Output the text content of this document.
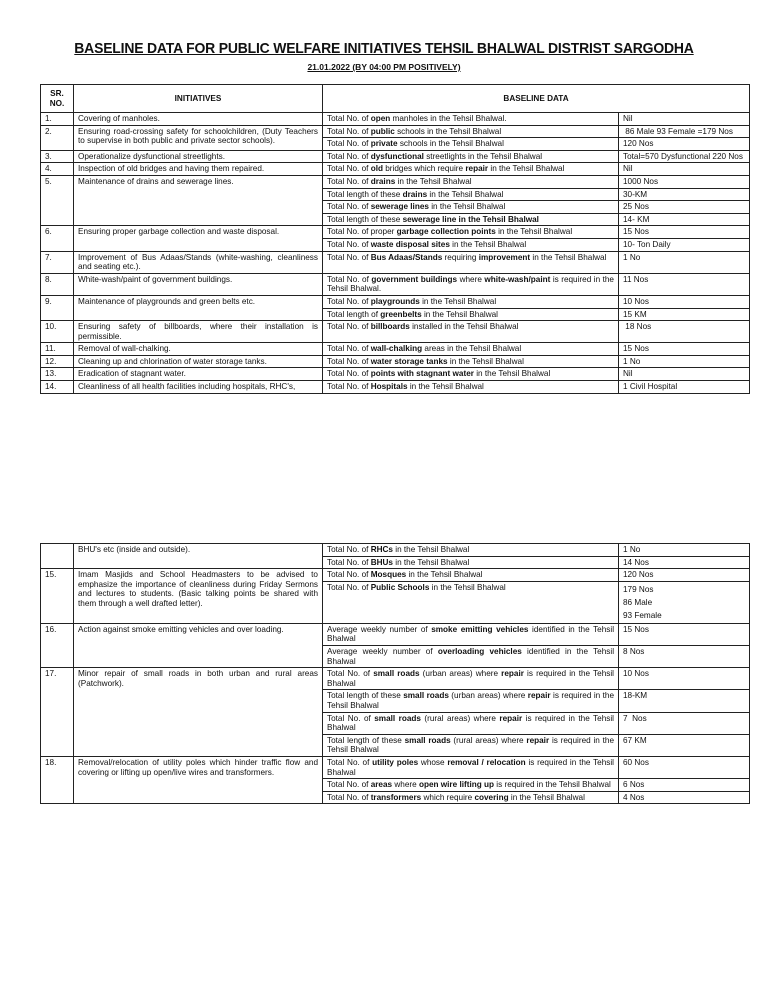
BASELINE DATA FOR PUBLIC WELFARE INITIATIVES TEHSIL BHALWAL DISTRIST SARGODHA
21.01.2022 (BY 04:00 PM POSITIVELY)
SR. NO.	INITIATIVES	BASELINE DATA	
1.	Covering of manholes.	Total No. of open manholes in the Tehsil Bhalwal.	Nil
2.	Ensuring road-crossing safety for schoolchildren, (Duty Teachers to supervise in both public and private sector schools).	Total No. of public schools in the Tehsil Bhalwal	86 Male 93 Female =179 Nos
		Total No. of private schools in the Tehsil Bhalwal	120 Nos
3.	Operationalize dysfunctional streetlights.	Total No. of dysfunctional streetlights in the Tehsil Bhalwal	Total=570 Dysfunctional 220 Nos
4.	Inspection of old bridges and having them repaired.	Total No. of old bridges which require repair in the Tehsil Bhalwal	Nil
5.	Maintenance of drains and sewerage lines.	Total No. of drains in the Tehsil Bhalwal	1000 Nos
		Total length of these drains in the Tehsil Bhalwal	30-KM
		Total No. of sewerage lines in the Tehsil Bhalwal	25 Nos
		Total length of these sewerage line in the Tehsil Bhalwal	14- KM
6.	Ensuring proper garbage collection and waste disposal.	Total No. of proper garbage collection points in the Tehsil Bhalwal	15 Nos
		Total No. of waste disposal sites in the Tehsil Bhalwal	10- Ton Daily
7.	Improvement of Bus Adaas/Stands (white-washing, cleanliness and seating etc.).	Total No. of Bus Adaas/Stands requiring improvement in the Tehsil Bhalwal	1 No
8.	White-wash/paint of government buildings.	Total No. of government buildings where white-wash/paint is required in the Tehsil Bhalwal.	11 Nos
9.	Maintenance of playgrounds and green belts etc.	Total No. of playgrounds in the Tehsil Bhalwal	10 Nos
		Total length of greenbelts in the Tehsil Bhalwal	15 KM
10.	Ensuring safety of billboards, where their installation is permissible.	Total No. of billboards installed in the Tehsil Bhalwal	18 Nos
11.	Removal of wall-chalking.	Total No. of wall-chalking areas in the Tehsil Bhalwal	15 Nos
12.	Cleaning up and chlorination of water storage tanks.	Total No. of water storage tanks in the Tehsil Bhalwal	1 No
13.	Eradication of stagnant water.	Total No. of points with stagnant water in the Tehsil Bhalwal	Nil
14.	Cleanliness of all health facilities including hospitals, RHC's,	Total No. of Hospitals in the Tehsil Bhalwal	1 Civil Hospital
	BHU's etc (inside and outside).	Total No. of RHCs in the Tehsil Bhalwal	1 No
		Total No. of BHUs in the Tehsil Bhalwal	14 Nos
15.	Imam Masjids and School Headmasters to be advised to emphasize the importance of cleanliness during Friday Sermons and lectures to students. (Basic talking points be shared with them through a well drafted letter).	Total No. of Mosques in the Tehsil Bhalwal	120 Nos
		Total No. of Public Schools in the Tehsil Bhalwal	179 Nos
86 Male
93 Female

16.	Action against smoke emitting vehicles and over loading.	Average weekly number of smoke emitting vehicles identified in the Tehsil Bhalwal	15 Nos
		Average weekly number of overloading vehicles identified in the Tehsil Bhalwal	8 Nos
17.	Minor repair of small roads in both urban and rural areas (Patchwork).	Total No. of small roads (urban areas) where repair is required in the Tehsil Bhalwal	10 Nos
		Total length of these small roads (urban areas) where repair is required in the Tehsil Bhalwal	18-KM
		Total No. of small roads (rural areas) where repair is required in the Tehsil Bhalwal	7  Nos
		Total length of these small roads (rural areas) where repair is required in the Tehsil Bhalwal	67 KM
18.	Removal/relocation of utility poles which hinder traffic flow and covering or lifting up open/live wires and transformers.	Total No. of utility poles whose removal / relocation is required in the Tehsil Bhalwal	60 Nos
		Total No. of areas where open wire lifting up is required in the Tehsil Bhalwal	6 Nos
		Total No. of transformers which require covering in the Tehsil Bhalwal	4 Nos
